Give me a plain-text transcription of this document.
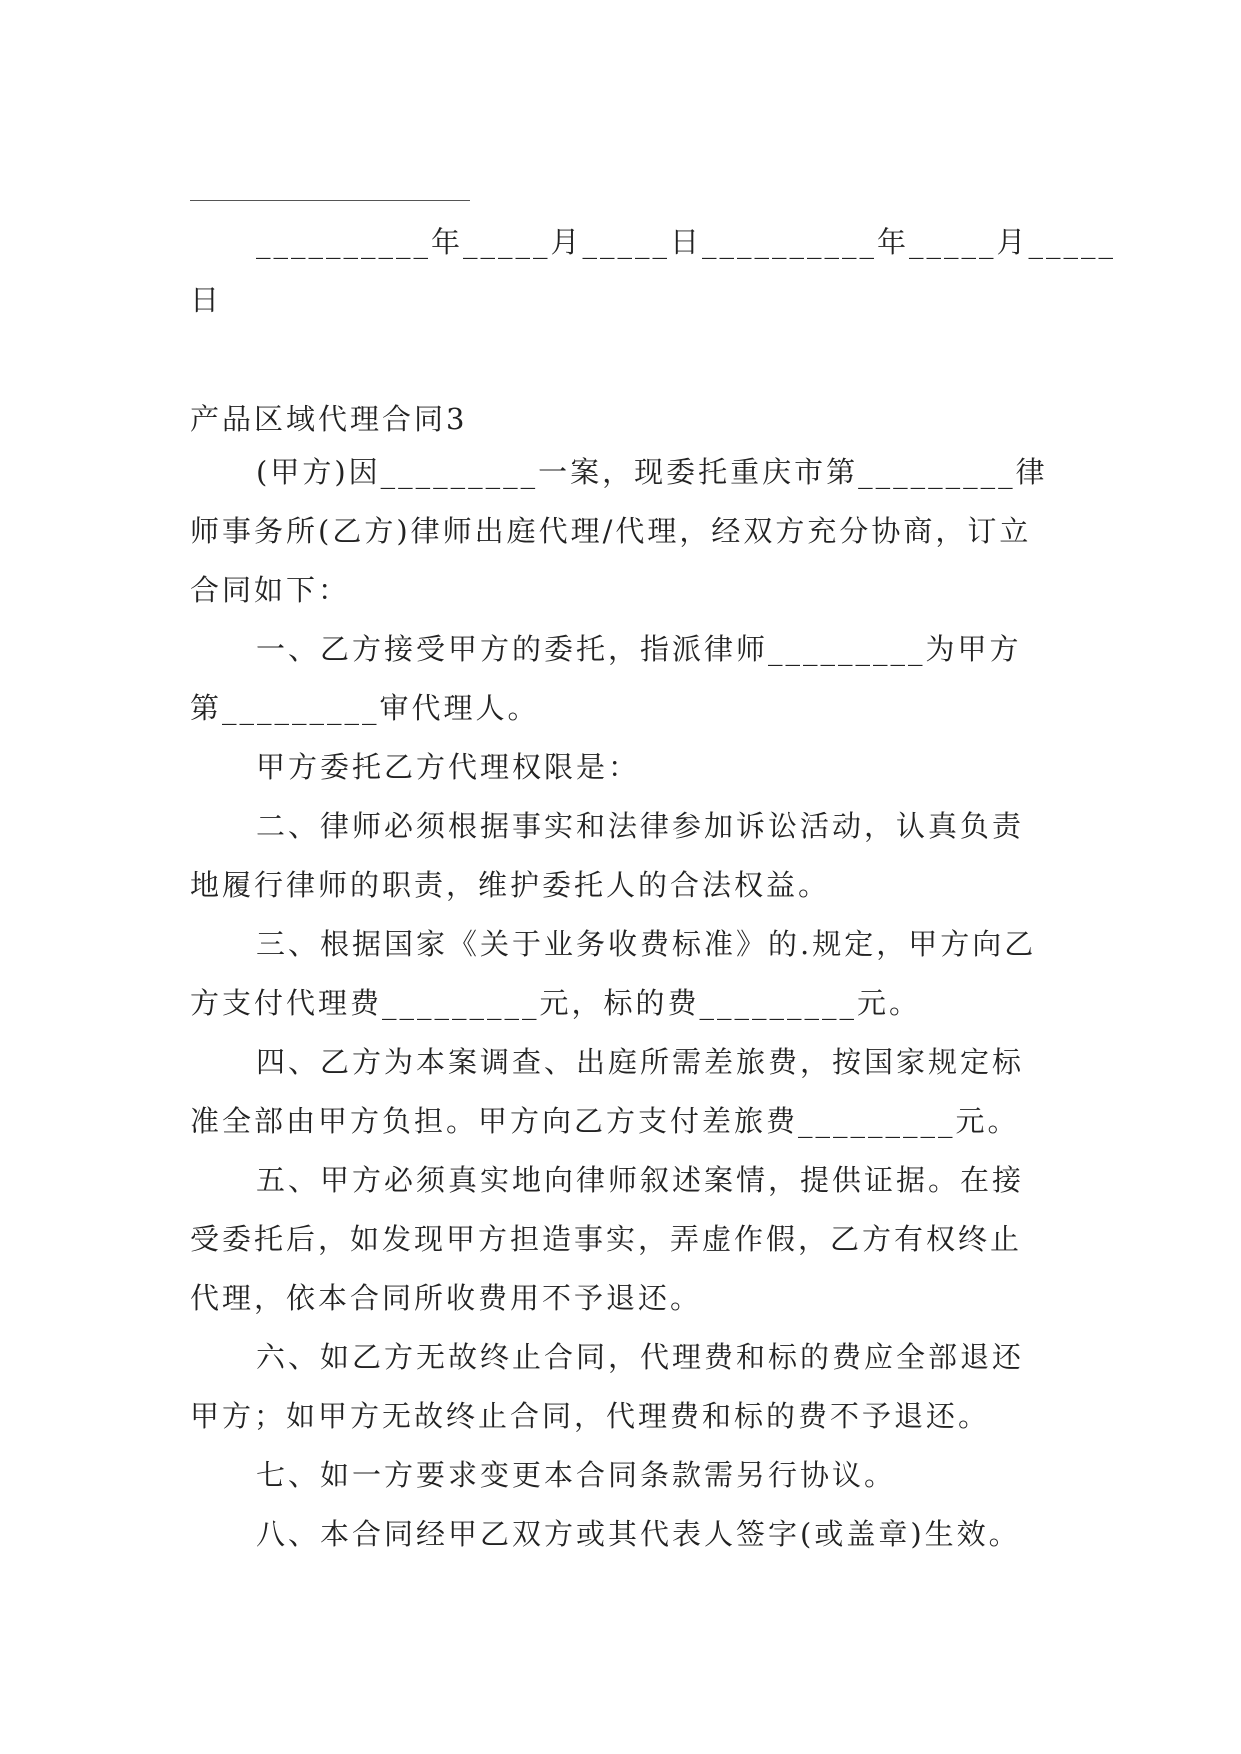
__________年_____月_____日__________年_____月_____

日

产品区域代理合同3

(甲方)因_________一案，现委托重庆市第_________律师事务所(乙方)律师出庭代理/代理，经双方充分协商，订立合同如下：

一、乙方接受甲方的委托，指派律师_________为甲方第_________审代理人。

甲方委托乙方代理权限是：

二、律师必须根据事实和法律参加诉讼活动，认真负责地履行律师的职责，维护委托人的合法权益。

三、根据国家《关于业务收费标准》的.规定，甲方向乙方支付代理费_________元，标的费_________元。

四、乙方为本案调查、出庭所需差旅费，按国家规定标准全部由甲方负担。甲方向乙方支付差旅费_________元。

五、甲方必须真实地向律师叙述案情，提供证据。在接受委托后，如发现甲方担造事实，弄虚作假，乙方有权终止代理，依本合同所收费用不予退还。

六、如乙方无故终止合同，代理费和标的费应全部退还甲方；如甲方无故终止合同，代理费和标的费不予退还。

七、如一方要求变更本合同条款需另行协议。

八、本合同经甲乙双方或其代表人签字(或盖章)生效。
